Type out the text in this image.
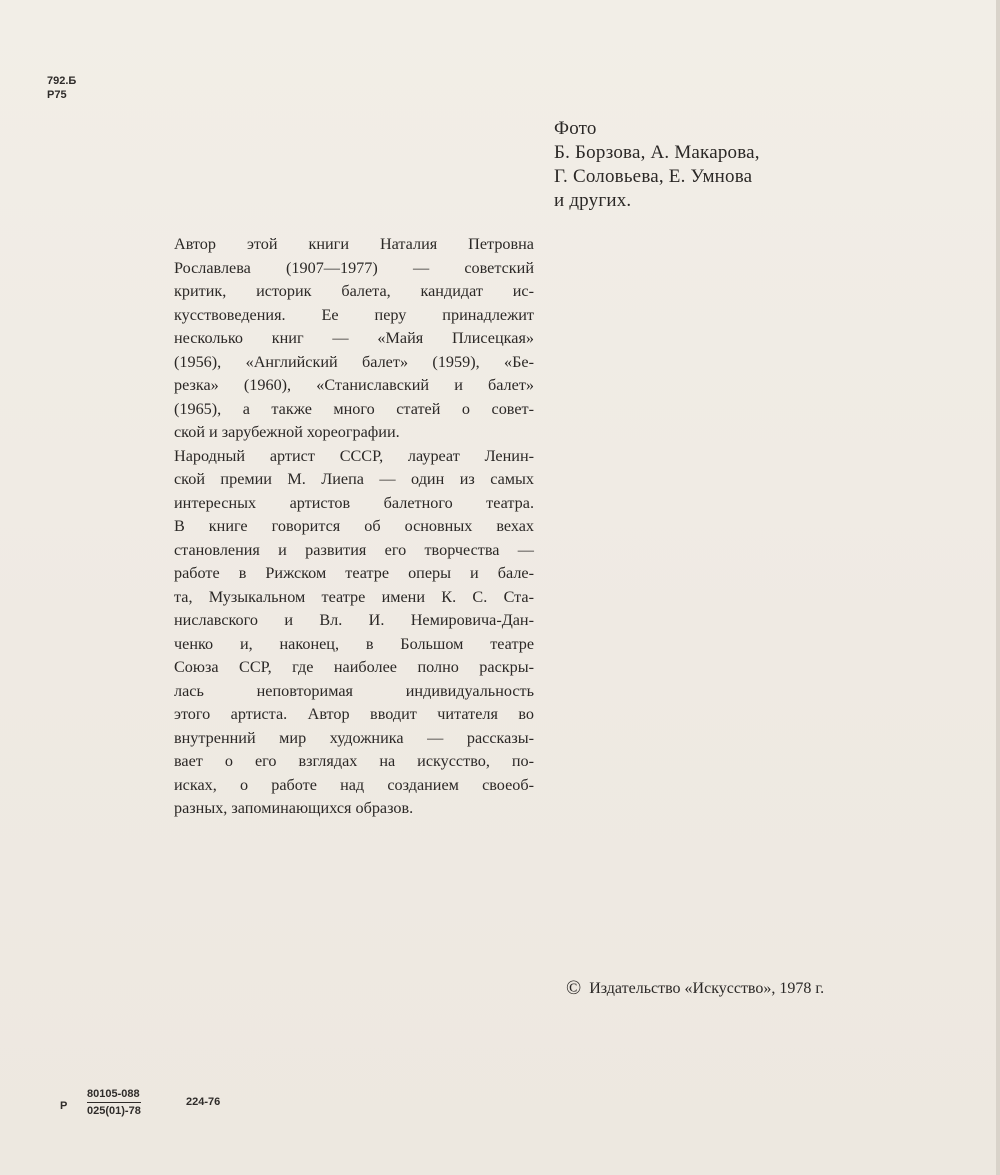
792.Б
Р75
Фото
Б. Борзова, А. Макарова,
Г. Соловьева, Е. Умнова
и других.
Автор этой книги Наталия Петровна
Рославлева (1907—1977) — советский
критик, историк балета, кандидат ис-
кусствоведения. Ее перу принадлежит
несколько книг — «Майя Плисецкая»
(1956), «Английский балет» (1959), «Бе-
резка» (1960), «Станиславский и балет»
(1965), а также много статей о совет-
ской и зарубежной хореографии.
Народный артист СССР, лауреат Ленин-
ской премии М. Лиепа — один из самых
интересных артистов балетного театра.
В книге говорится об основных вехах
становления и развития его творчества —
работе в Рижском театре оперы и бале-
та, Музыкальном театре имени К. С. Ста-
ниславского и Вл. И. Немировича-Дан-
ченко и, наконец, в Большом театре
Союза ССР, где наиболее полно раскры-
лась неповторимая индивидуальность
этого артиста. Автор вводит читателя во
внутренний мир художника — рассказы-
вает о его взглядах на искусство, по-
исках, о работе над созданием своеоб-
разных, запоминающихся образов.
© Издательство «Искусство», 1978 г.
Р $\frac{80105-088}{025(01)-78}$	224-76
